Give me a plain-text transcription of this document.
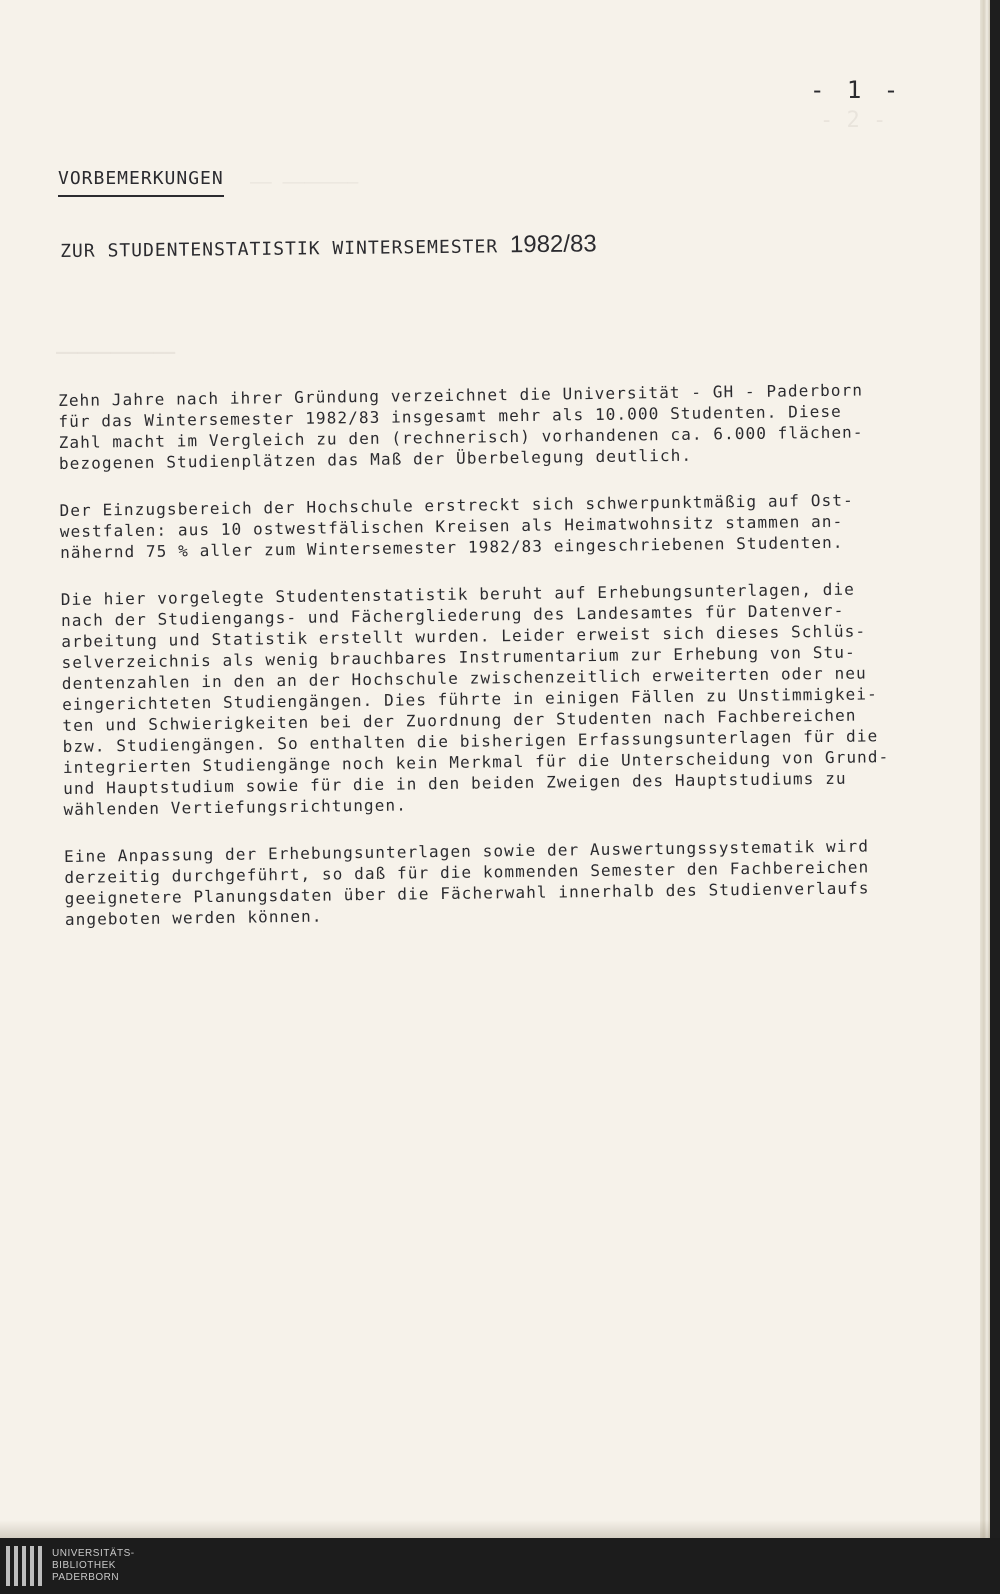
- 2 -
—— ———————
———————————
- 1 -
VORBEMERKUNGEN
ZUR STUDENTENSTATISTIK WINTERSEMESTER 1982/83
Zehn Jahre nach ihrer Gründung verzeichnet die Universität - GH - Paderborn
für das Wintersemester 1982/83 insgesamt mehr als 10.000 Studenten. Diese
Zahl macht im Vergleich zu den (rechnerisch) vorhandenen ca. 6.000 flächen-
bezogenen Studienplätzen das Maß der Überbelegung deutlich.
Der Einzugsbereich der Hochschule erstreckt sich schwerpunktmäßig auf Ost-
westfalen: aus 10 ostwestfälischen Kreisen als Heimatwohnsitz stammen an-
nähernd 75 % aller zum Wintersemester 1982/83 eingeschriebenen Studenten.
Die hier vorgelegte Studentenstatistik beruht auf Erhebungsunterlagen, die
nach der Studiengangs- und Fächergliederung des Landesamtes für Datenver-
arbeitung und Statistik erstellt wurden. Leider erweist sich dieses Schlüs-
selverzeichnis als wenig brauchbares Instrumentarium zur Erhebung von Stu-
dentenzahlen in den an der Hochschule zwischenzeitlich erweiterten oder neu
eingerichteten Studiengängen. Dies führte in einigen Fällen zu Unstimmigkei-
ten und Schwierigkeiten bei der Zuordnung der Studenten nach Fachbereichen
bzw. Studiengängen. So enthalten die bisherigen Erfassungsunterlagen für die
integrierten Studiengänge noch kein Merkmal für die Unterscheidung von Grund-
und Hauptstudium sowie für die in den beiden Zweigen des Hauptstudiums zu
wählenden Vertiefungsrichtungen.
Eine Anpassung der Erhebungsunterlagen sowie der Auswertungssystematik wird
derzeitig durchgeführt, so daß für die kommenden Semester den Fachbereichen
geeignetere Planungsdaten über die Fächerwahl innerhalb des Studienverlaufs
angeboten werden können.
UNIVERSITÄTS-
BIBLIOTHEK
PADERBORN
